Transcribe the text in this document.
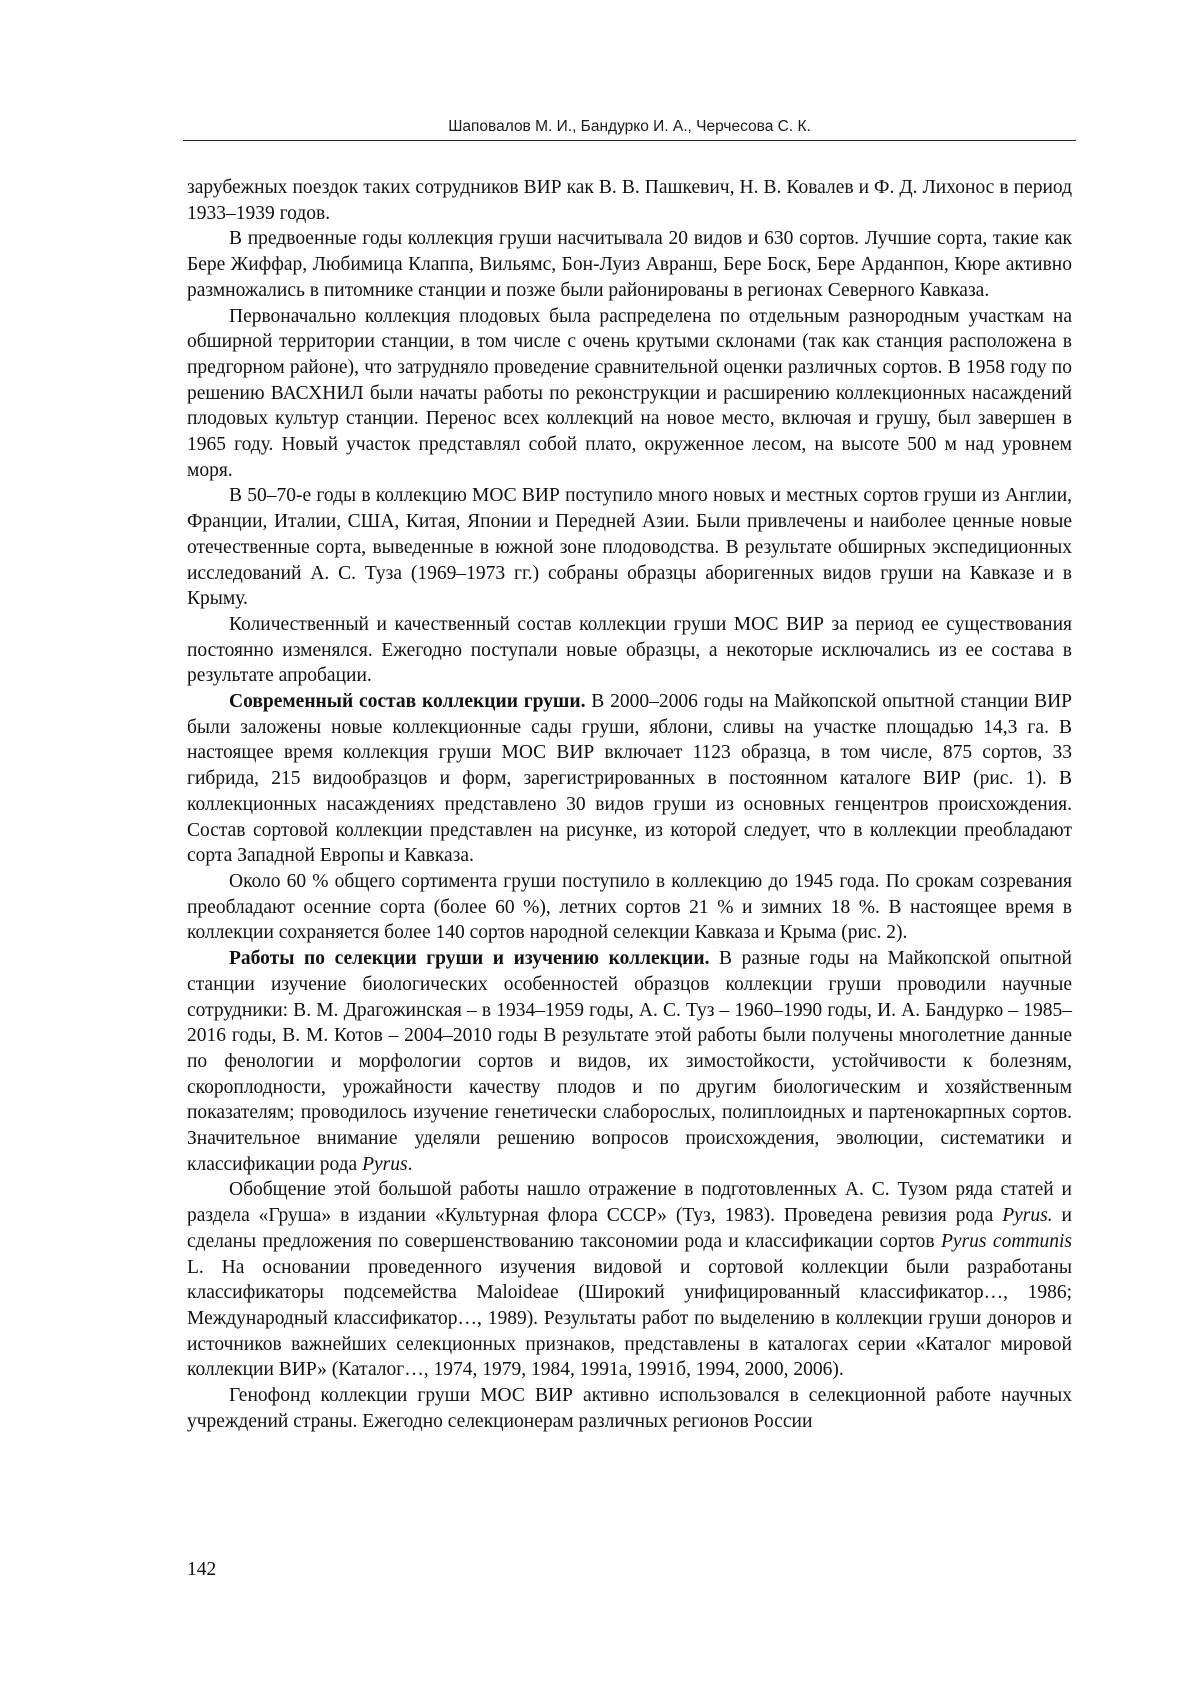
Шаповалов М. И., Бандурко И. А., Черчесова С. К.

зарубежных поездок таких сотрудников ВИР как В. В. Пашкевич, Н. В. Ковалев и Ф. Д. Лихонос в период 1933–1939 годов.

В предвоенные годы коллекция груши насчитывала 20 видов и 630 сортов. Лучшие сорта, такие как Бере Жиффар, Любимица Клаппа, Вильямс, Бон-Луиз Авранш, Бере Боск, Бере Арданпон, Кюре активно размножались в питомнике станции и позже были районированы в регионах Северного Кавказа.

Первоначально коллекция плодовых была распределена по отдельным разнородным участкам на обширной территории станции, в том числе с очень крутыми склонами (так как станция расположена в предгорном районе), что затрудняло проведение сравнительной оценки различных сортов. В 1958 году по решению ВАСХНИЛ были начаты работы по реконструкции и расширению коллекционных насаждений плодовых культур станции. Перенос всех коллекций на новое место, включая и грушу, был завершен в 1965 году. Новый участок представлял собой плато, окруженное лесом, на высоте 500 м над уровнем моря.

В 50–70-е годы в коллекцию МОС ВИР поступило много новых и местных сортов груши из Англии, Франции, Италии, США, Китая, Японии и Передней Азии. Были привлечены и наиболее ценные новые отечественные сорта, выведенные в южной зоне плодоводства. В результате обширных экспедиционных исследований А. С. Туза (1969–1973 гг.) собраны образцы аборигенных видов груши на Кавказе и в Крыму.

Количественный и качественный состав коллекции груши МОС ВИР за период ее существования постоянно изменялся. Ежегодно поступали новые образцы, а некоторые исключались из ее состава в результате апробации.

Современный состав коллекции груши. В 2000–2006 годы на Майкопской опытной станции ВИР были заложены новые коллекционные сады груши, яблони, сливы на участке площадью 14,3 га. В настоящее время коллекция груши МОС ВИР включает 1123 образца, в том числе, 875 сортов, 33 гибрида, 215 видообразцов и форм, зарегистрированных в постоянном каталоге ВИР (рис. 1). В коллекционных насаждениях представлено 30 видов груши из основных генцентров происхождения. Состав сортовой коллекции представлен на рисунке, из которой следует, что в коллекции преобладают сорта Западной Европы и Кавказа.

Около 60 % общего сортимента груши поступило в коллекцию до 1945 года. По срокам созревания преобладают осенние сорта (более 60 %), летних сортов 21 % и зимних 18 %. В настоящее время в коллекции сохраняется более 140 сортов народной селекции Кавказа и Крыма (рис. 2).

Работы по селекции груши и изучению коллекции. В разные годы на Майкопской опытной станции изучение биологических особенностей образцов коллекции груши проводили научные сотрудники: В. М. Драгожинская – в 1934–1959 годы, А. С. Туз – 1960–1990 годы, И. А. Бандурко – 1985–2016 годы, В. М. Котов – 2004–2010 годы В результате этой работы были получены многолетние данные по фенологии и морфологии сортов и видов, их зимостойкости, устойчивости к болезням, скороплодности, урожайности качеству плодов и по другим биологическим и хозяйственным показателям; проводилось изучение генетически слаборослых, полиплоидных и партенокарпных сортов. Значительное внимание уделяли решению вопросов происхождения, эволюции, систематики и классификации рода Pyrus.

Обобщение этой большой работы нашло отражение в подготовленных А. С. Тузом ряда статей и раздела «Груша» в издании «Культурная флора СССР» (Туз, 1983). Проведена ревизия рода Pyrus. и сделаны предложения по совершенствованию таксономии рода и классификации сортов Pyrus communis L. На основании проведенного изучения видовой и сортовой коллекции были разработаны классификаторы подсемейства Maloideae (Широкий унифицированный классификатор…, 1986; Международный классификатор…, 1989). Результаты работ по выделению в коллекции груши доноров и источников важнейших селекционных признаков, представлены в каталогах серии «Каталог мировой коллекции ВИР» (Каталог…, 1974, 1979, 1984, 1991а, 1991б, 1994, 2000, 2006).

Генофонд коллекции груши МОС ВИР активно использовался в селекционной работе научных учреждений страны. Ежегодно селекционерам различных регионов России

142
